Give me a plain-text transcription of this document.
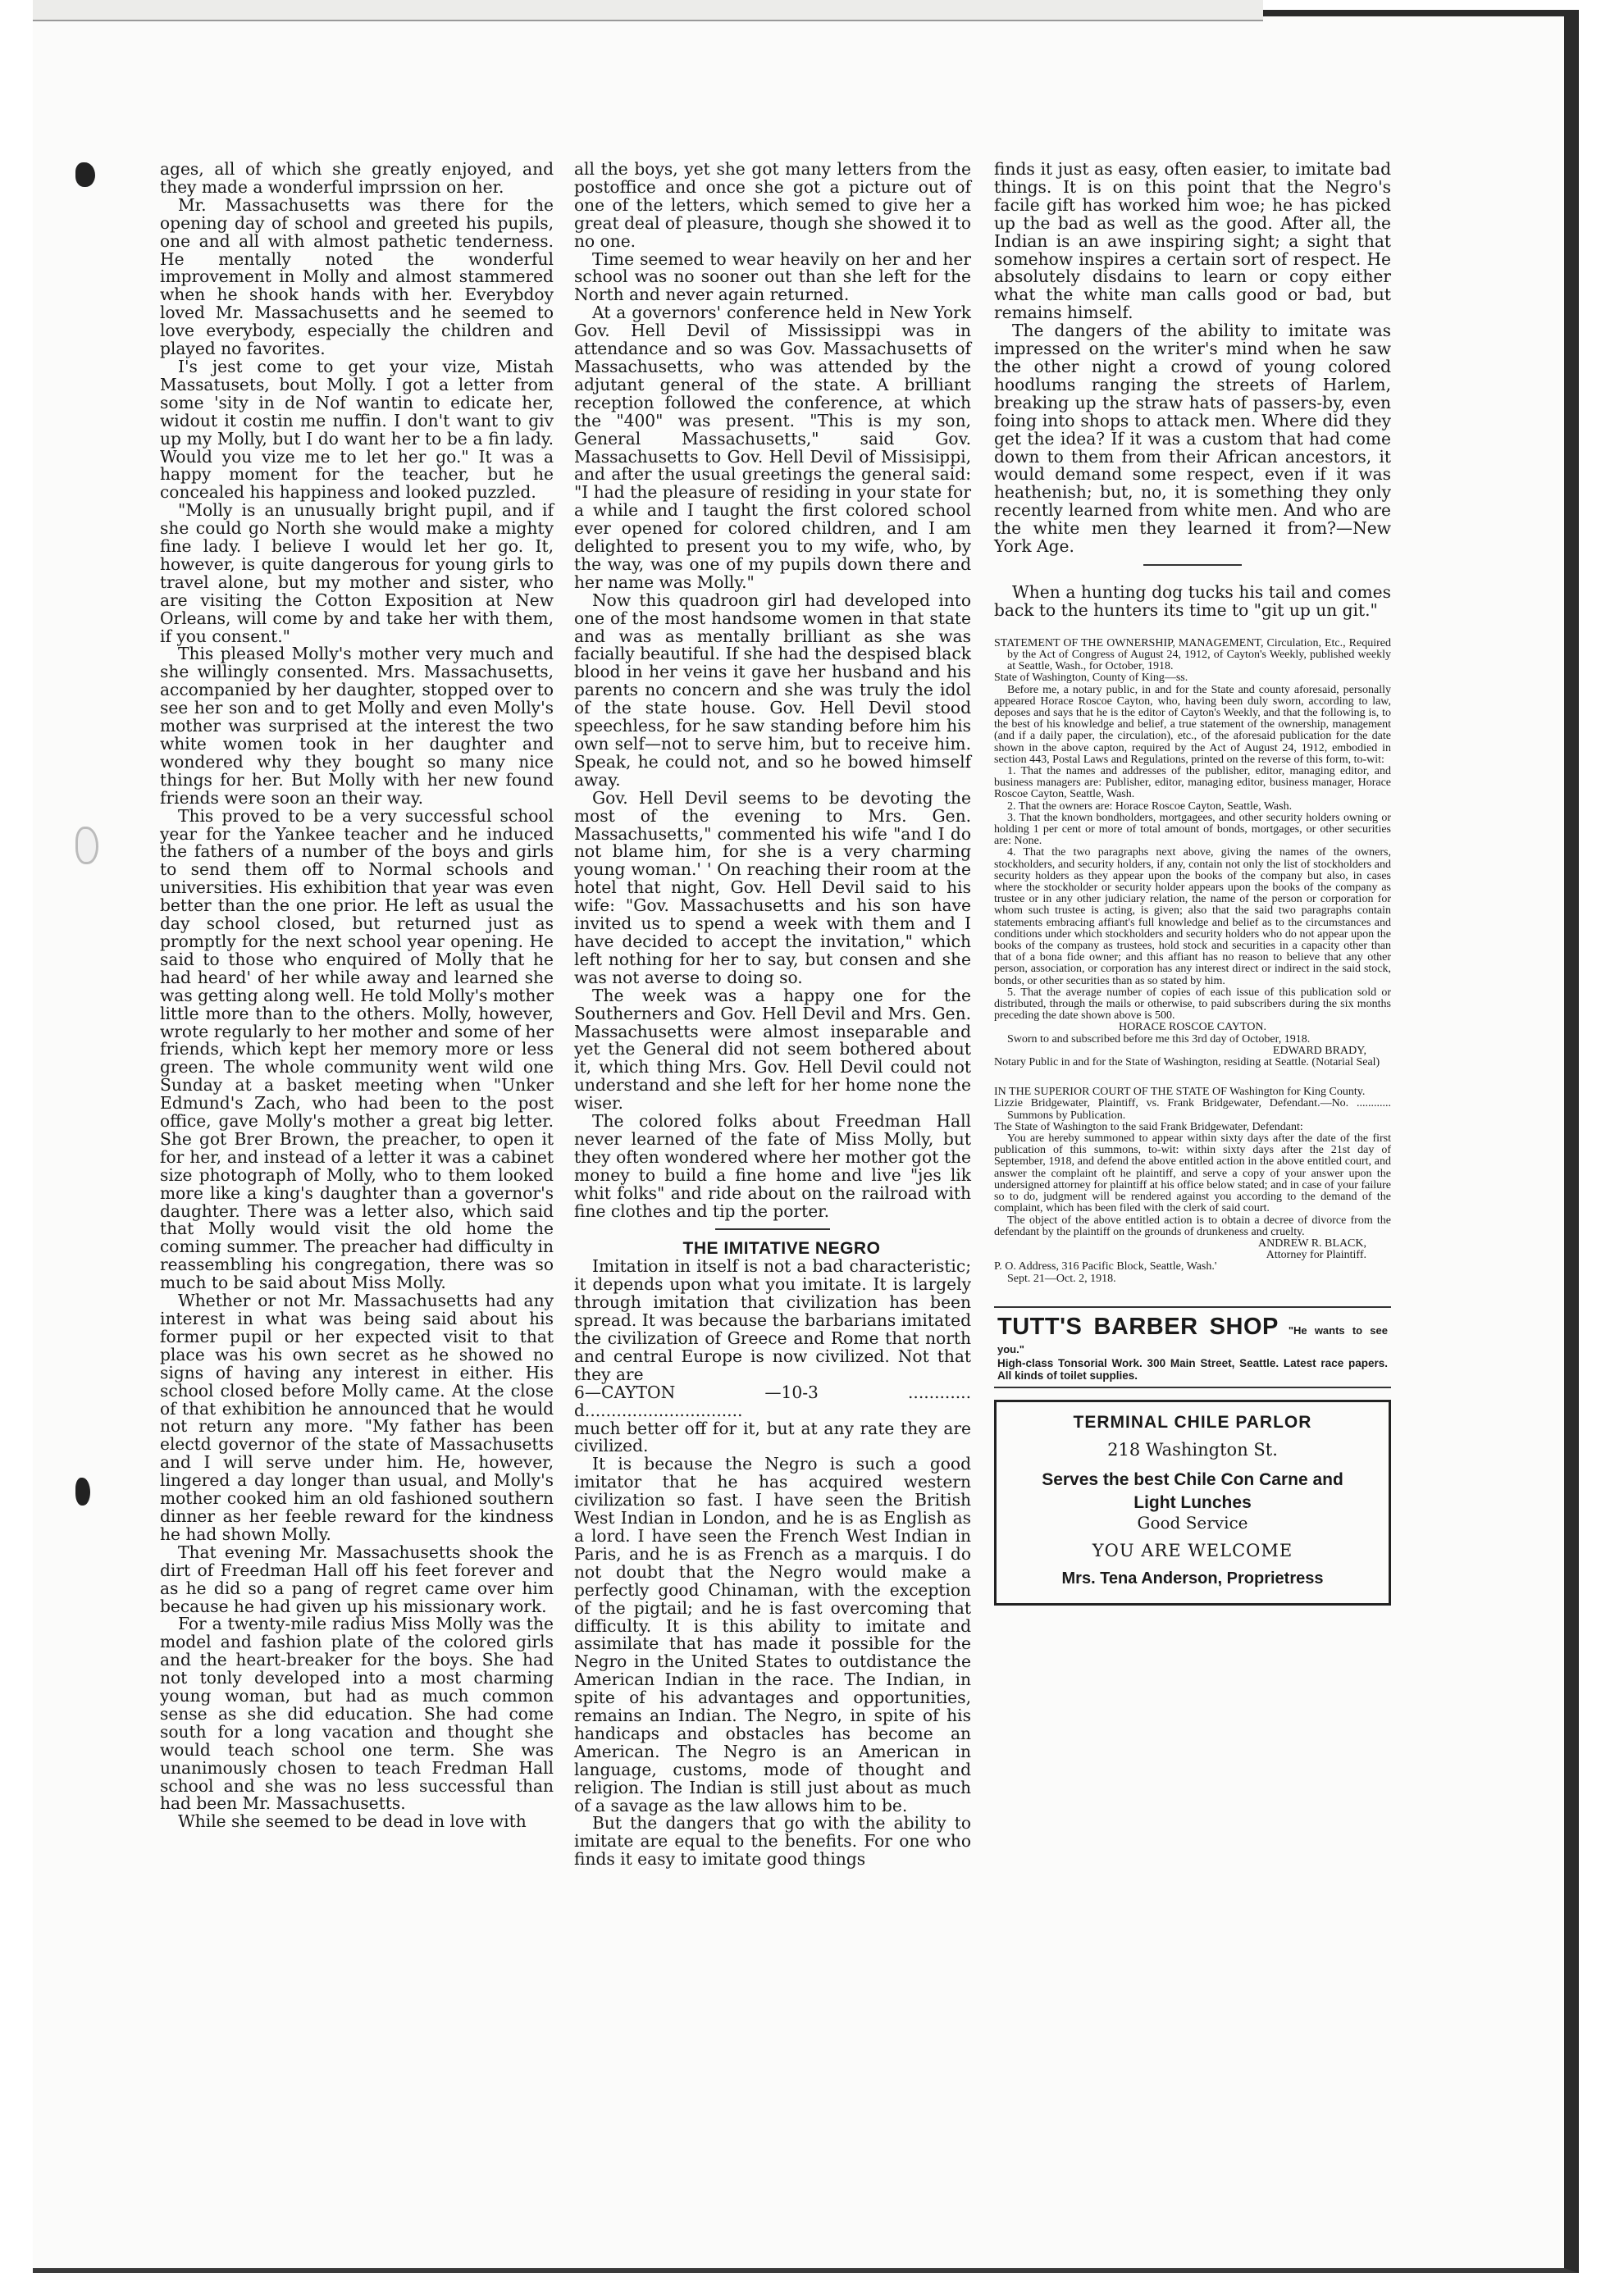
ages, all of which she greatly enjoyed, and they made a wonderful imprssion on her.

Mr. Massachusetts was there for the opening day of school and greeted his pupils, one and all with almost pathetic tenderness. He mentally noted the wonderful improvement in Molly and almost stammered when he shook hands with her. Everybdoy loved Mr. Massachusetts and he seemed to love everybody, especially the children and played no favorites.

I's jest come to get your vize, Mistah Massatusets, bout Molly. I got a letter from some 'sity in de Nof wantin to edicate her, widout it costin me nuffin. I don't want to giv up my Molly, but I do want her to be a fin lady. Would you vize me to let her go." It was a happy moment for the teacher, but he concealed his happiness and looked puzzled.

"Molly is an unusually bright pupil, and if she could go North she would make a mighty fine lady. I believe I would let her go. It, however, is quite dangerous for young girls to travel alone, but my mother and sister, who are visiting the Cotton Exposition at New Orleans, will come by and take her with them, if you consent."

This pleased Molly's mother very much and she willingly consented. Mrs. Massachusetts, accompanied by her daughter, stopped over to see her son and to get Molly and even Molly's mother was surprised at the interest the two white women took in her daughter and wondered why they bought so many nice things for her. But Molly with her new found friends were soon an their way.

This proved to be a very successful school year for the Yankee teacher and he induced the fathers of a number of the boys and girls to send them off to Normal schools and universities. His exhibition that year was even better than the one prior. He left as usual the day school closed, but returned just as promptly for the next school year opening. He said to those who enquired of Molly that he had heard' of her while away and learned she was getting along well. He told Molly's mother little more than to the others. Molly, however, wrote regularly to her mother and some of her friends, which kept her memory more or less green. The whole community went wild one Sunday at a basket meeting when "Unker Edmund's Zach, who had been to the post office, gave Molly's mother a great big letter. She got Brer Brown, the preacher, to open it for her, and instead of a letter it was a cabinet size photograph of Molly, who to them looked more like a king's daughter than a governor's daughter. There was a letter also, which said that Molly would visit the old home the coming summer. The preacher had difficulty in reassembling his congregation, there was so much to be said about Miss Molly.

Whether or not Mr. Massachusetts had any interest in what was being said about his former pupil or her expected visit to that place was his own secret as he showed no signs of having any interest in either. His school closed before Molly came. At the close of that exhibition he announced that he would not return any more. "My father has been electd governor of the state of Massachusetts and I will serve under him. He, however, lingered a day longer than usual, and Molly's mother cooked him an old fashioned southern dinner as her feeble reward for the kindness he had shown Molly.

That evening Mr. Massachusetts shook the dirt of Freedman Hall off his feet forever and as he did so a pang of regret came over him because he had given up his missionary work.

For a twenty-mile radius Miss Molly was the model and fashion plate of the colored girls and the heart-breaker for the boys. She had not tonly developed into a most charming young woman, but had as much common sense as she did education. She had come south for a long vacation and thought she would teach school one term. She was unanimously chosen to teach Fredman Hall school and she was no less successful than had been Mr. Massachusetts.

While she seemed to be dead in love with

all the boys, yet she got many letters from the postoffice and once she got a picture out of one of the letters, which semed to give her a great deal of pleasure, though she showed it to no one.

Time seemed to wear heavily on her and her school was no sooner out than she left for the North and never again returned.

At a governors' conference held in New York Gov. Hell Devil of Mississippi was in attendance and so was Gov. Massachusetts of Massachusetts, who was attended by the adjutant general of the state. A brilliant reception followed the conference, at which the "400" was present. "This is my son, General Massachusetts," said Gov. Massachusetts to Gov. Hell Devil of Missisippi, and after the usual greetings the general said: "I had the pleasure of residing in your state for a while and I taught the first colored school ever opened for colored children, and I am delighted to present you to my wife, who, by the way, was one of my pupils down there and her name was Molly."

Now this quadroon girl had developed into one of the most handsome women in that state and was as mentally brilliant as she was facially beautiful. If she had the despised black blood in her veins it gave her husband and his parents no concern and she was truly the idol of the state house. Gov. Hell Devil stood speechless, for he saw standing before him his own self—not to serve him, but to receive him. Speak, he could not, and so he bowed himself away.

Gov. Hell Devil seems to be devoting the most of the evening to Mrs. Gen. Massachusetts," commented his wife "and I do not blame him, for she is a very charming young woman.' ' On reaching their room at the hotel that night, Gov. Hell Devil said to his wife: "Gov. Massachusetts and his son have invited us to spend a week with them and I have decided to accept the invitation," which left nothing for her to say, but consen and she was not averse to doing so.

The week was a happy one for the Southerners and Gov. Hell Devil and Mrs. Gen. Massachusetts were almost inseparable and yet the General did not seem bothered about it, which thing Mrs. Gov. Hell Devil could not understand and she left for her home none the wiser.

The colored folks about Freedman Hall never learned of the fate of Miss Molly, but they often wondered where her mother got the money to build a fine home and live "jes lik whit folks" and ride about on the railroad with fine clothes and tip the porter.

THE IMITATIVE NEGRO

Imitation in itself is not a bad characteristic; it depends upon what you imitate. It is largely through imitation that civilization has been spread. It was because the barbarians imitated the civilization of Greece and Rome that north and central Europe is now civilized. Not that they are

6—CAYTON —10-3 ............ d..............................

much better off for it, but at any rate they are civilized.

It is because the Negro is such a good imitator that he has acquired western civilization so fast. I have seen the British West Indian in London, and he is as English as a lord. I have seen the French West Indian in Paris, and he is as French as a marquis. I do not doubt that the Negro would make a perfectly good Chinaman, with the exception of the pigtail; and he is fast overcoming that difficulty. It is this ability to imitate and assimilate that has made it possible for the Negro in the United States to outdistance the American Indian in the race. The Indian, in spite of his advantages and opportunities, remains an Indian. The Negro, in spite of his handicaps and obstacles has become an American. The Negro is an American in language, customs, mode of thought and religion. The Indian is still just about as much of a savage as the law allows him to be.

But the dangers that go with the ability to imitate are equal to the benefits. For one who finds it easy to imitate good things

finds it just as easy, often easier, to imitate bad things. It is on this point that the Negro's facile gift has worked him woe; he has picked up the bad as well as the good. After all, the Indian is an awe inspiring sight; a sight that somehow inspires a certain sort of respect. He absolutely disdains to learn or copy either what the white man calls good or bad, but remains himself.

The dangers of the ability to imitate was impressed on the writer's mind when he saw the other night a crowd of young colored hoodlums ranging the streets of Harlem, breaking up the straw hats of passers-by, even foing into shops to attack men. Where did they get the idea? If it was a custom that had come down to them from their African ancestors, it would demand some respect, even if it was heathenish; but, no, it is something they only recently learned from white men. And who are the white men they learned it from?—New York Age.

When a hunting dog tucks his tail and comes back to the hunters its time to "git up un git."

STATEMENT OF THE OWNERSHIP, MANAGEMENT, Circulation, Etc., Required by the Act of Congress of August 24, 1912, of Cayton's Weekly, published weekly at Seattle, Wash., for October, 1918.

State of Washington, County of King—ss.

Before me, a notary public, in and for the State and county aforesaid, personally appeared Horace Roscoe Cayton, who, having been duly sworn, according to law, deposes and says that he is the editor of Cayton's Weekly, and that the following is, to the best of his knowledge and belief, a true statement of the ownership, management (and if a daily paper, the circulation), etc., of the aforesaid publication for the date shown in the above capton, required by the Act of August 24, 1912, embodied in section 443, Postal Laws and Regulations, printed on the reverse of this form, to-wit:

1. That the names and addresses of the publisher, editor, managing editor, and business managers are: Publisher, editor, managing editor, business manager, Horace Roscoe Cayton, Seattle, Wash.

2. That the owners are: Horace Roscoe Cayton, Seattle, Wash.

3. That the known bondholders, mortgagees, and other security holders owning or holding 1 per cent or more of total amount of bonds, mortgages, or other securities are: None.

4. That the two paragraphs next above, giving the names of the owners, stockholders, and security holders, if any, contain not only the list of stockholders and security holders as they appear upon the books of the company but also, in cases where the stockholder or security holder appears upon the books of the company as trustee or in any other judiciary relation, the name of the person or corporation for whom such trustee is acting, is given; also that the said two paragraphs contain statements embracing affiant's full knowledge and belief as to the circumstances and conditions under which stockholders and security holders who do not appear upon the books of the company as trustees, hold stock and securities in a capacity other than that of a bona fide owner; and this affiant has no reason to believe that any other person, association, or corporation has any interest direct or indirect in the said stock, bonds, or other securities than as so stated by him.

5. That the average number of copies of each issue of this publication sold or distributed, through the mails or otherwise, to paid subscribers during the six months preceding the date shown above is 500.

HORACE ROSCOE CAYTON.

Sworn to and subscribed before me this 3rd day of October, 1918.

EDWARD BRADY,

Notary Public in and for the State of Washington, residing at Seattle. (Notarial Seal)

IN THE SUPERIOR COURT OF THE STATE OF Washington for King County.

Lizzie Bridgewater, Plaintiff, vs. Frank Bridgewater, Defendant.—No. ............ Summons by Publication.

The State of Washington to the said Frank Bridgewater, Defendant:

You are hereby summoned to appear within sixty days after the date of the first publication of this summons, to-wit: within sixty days after the 21st day of September, 1918, and defend the above entitled action in the above entitled court, and answer the complaint oft he plaintiff, and serve a copy of your answer upon the undersigned attorney for plaintiff at his office below stated; and in case of your failure so to do, judgment will be rendered against you according to the demand of the complaint, which has been filed with the clerk of said court.

The object of the above entitled action is to obtain a decree of divorce from the defendant by the plaintiff on the grounds of drunkeness and cruelty.

ANDREW R. BLACK,

Attorney for Plaintiff.

P. O. Address, 316 Pacific Block, Seattle, Wash.'

Sept. 21—Oct. 2, 1918.

TUTT'S BARBER SHOP "He wants to see you."
High-class Tonsorial Work. 300 Main Street, Seattle. Latest race papers. All kinds of toilet supplies.
TERMINAL CHILE PARLOR
218 Washington St.
Serves the best Chile Con Carne and
Light Lunches
Good Service
YOU ARE WELCOME
Mrs. Tena Anderson, Proprietress
